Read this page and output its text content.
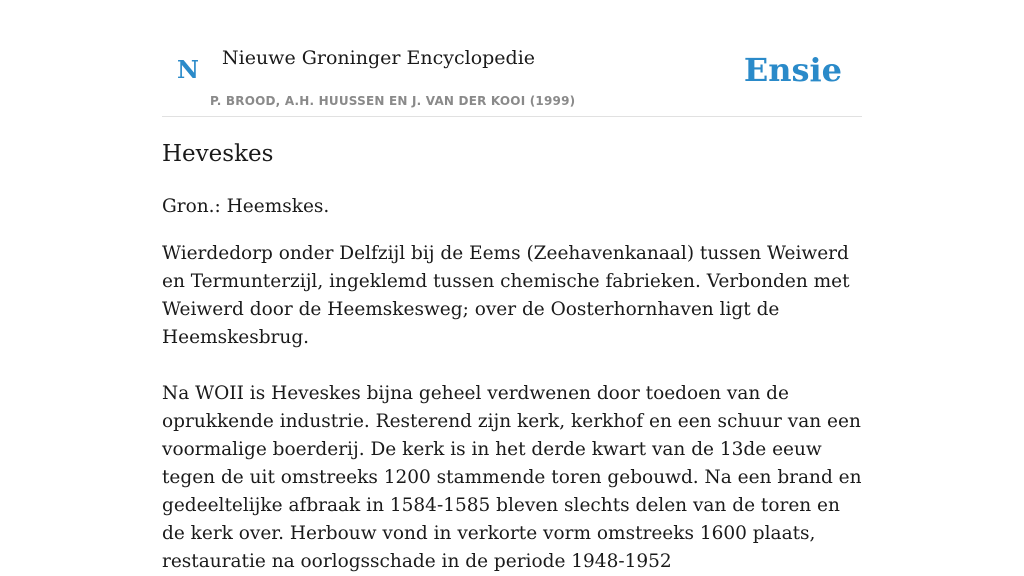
N Nieuwe Groninger Encyclopedie
P. BROOD, A.H. HUUSSEN EN J. VAN DER KOOI (1999)
Ensie
Heveskes

Gron.: Heemskes.

Wierdedorp onder Delfzijl bij de Eems (Zeehavenkanaal) tussen Weiwerd en Termunterzijl, ingeklemd tussen chemische fabrieken. Verbonden met Weiwerd door de Heemskesweg; over de Oosterhornhaven ligt de Heemskesbrug.

Na WOII is Heveskes bijna geheel verdwenen door toedoen van de oprukkende industrie. Resterend zijn kerk, kerkhof en een schuur van een voormalige boerderij. De kerk is in het derde kwart van de 13de eeuw tegen de uit omstreeks 1200 stammende toren gebouwd. Na een brand en gedeeltelijke afbraak in 1584-1585 bleven slechts delen van de toren en de kerk over. Herbouw vond in verkorte vorm omstreeks 1600 plaats, restauratie na oorlogsschade in de periode 1948-1952
